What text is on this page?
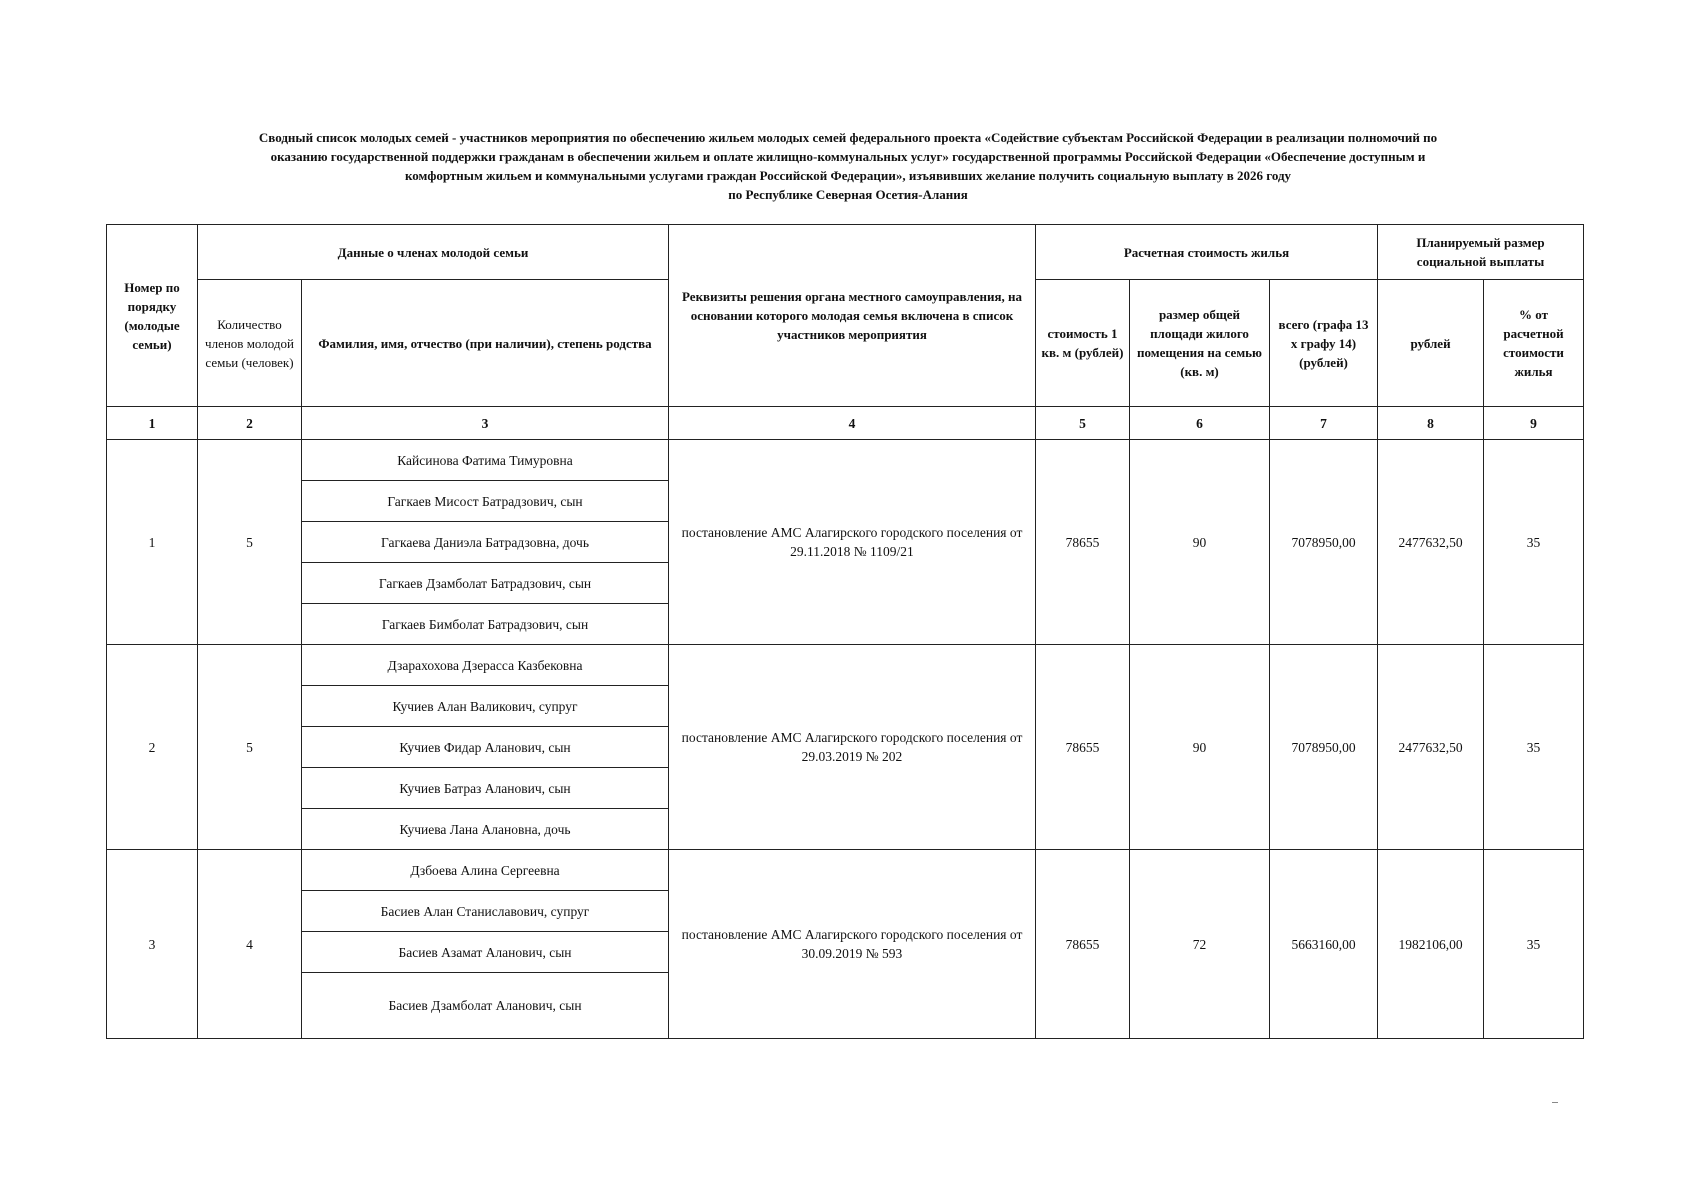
Сводный список молодых семей - участников мероприятия по обеспечению жильем молодых семей федерального проекта «Содействие субъектам Российской Федерации в реализации полномочий по
оказанию государственной поддержки гражданам в обеспечении жильем и оплате жилищно-коммунальных услуг» государственной программы Российской Федерации «Обеспечение доступным и
комфортным жильем и коммунальными услугами граждан Российской Федерации», изъявивших желание получить социальную выплату в 2026 году
по Республике Северная Осетия-Алания
Номер по порядку (молодые семьи)	Данные о членах молодой семьи		Реквизиты решения органа местного самоуправления, на основании которого молодая семья включена в список участников мероприятия	Расчетная стоимость жилья			Планируемый размер социальной выплаты	
	Количество членов молодой семьи (человек)	Фамилия, имя, отчество (при наличии), степень родства		стоимость 1 кв. м (рублей)	размер общей площади жилого помещения на семью (кв. м)	всего (графа 13 х графу 14) (рублей)	рублей	% от расчетной стоимости жилья
1	2	3	4	5	6	7	8	9
1	5	Кайсинова Фатима Тимуровна	постановление АМС Алагирского городского поселения от 29.11.2018 № 1109/21	78655	90	7078950,00	2477632,50	35
		Гагкаев Мисост Батрадзович, сын						
		Гагкаева Даниэла Батрадзовна, дочь						
		Гагкаев Дзамболат Батрадзович, сын						
		Гагкаев Бимболат Батрадзович, сын						
2	5	Дзарахохова Дзерасса Казбековна	постановление АМС Алагирского городского поселения от 29.03.2019 № 202	78655	90	7078950,00	2477632,50	35
		Кучиев Алан Валикович, супруг						
		Кучиев Фидар Аланович, сын						
		Кучиев Батраз Аланович, сын						
		Кучиева Лана Алановна, дочь						
3	4	Дзбоева Алина Сергеевна	постановление АМС Алагирского городского поселения от 30.09.2019 № 593	78655	72	5663160,00	1982106,00	35
		Басиев Алан Станиславович, супруг						
		Басиев Азамат Аланович, сын						
		Басиев Дзамболат Аланович, сын						
